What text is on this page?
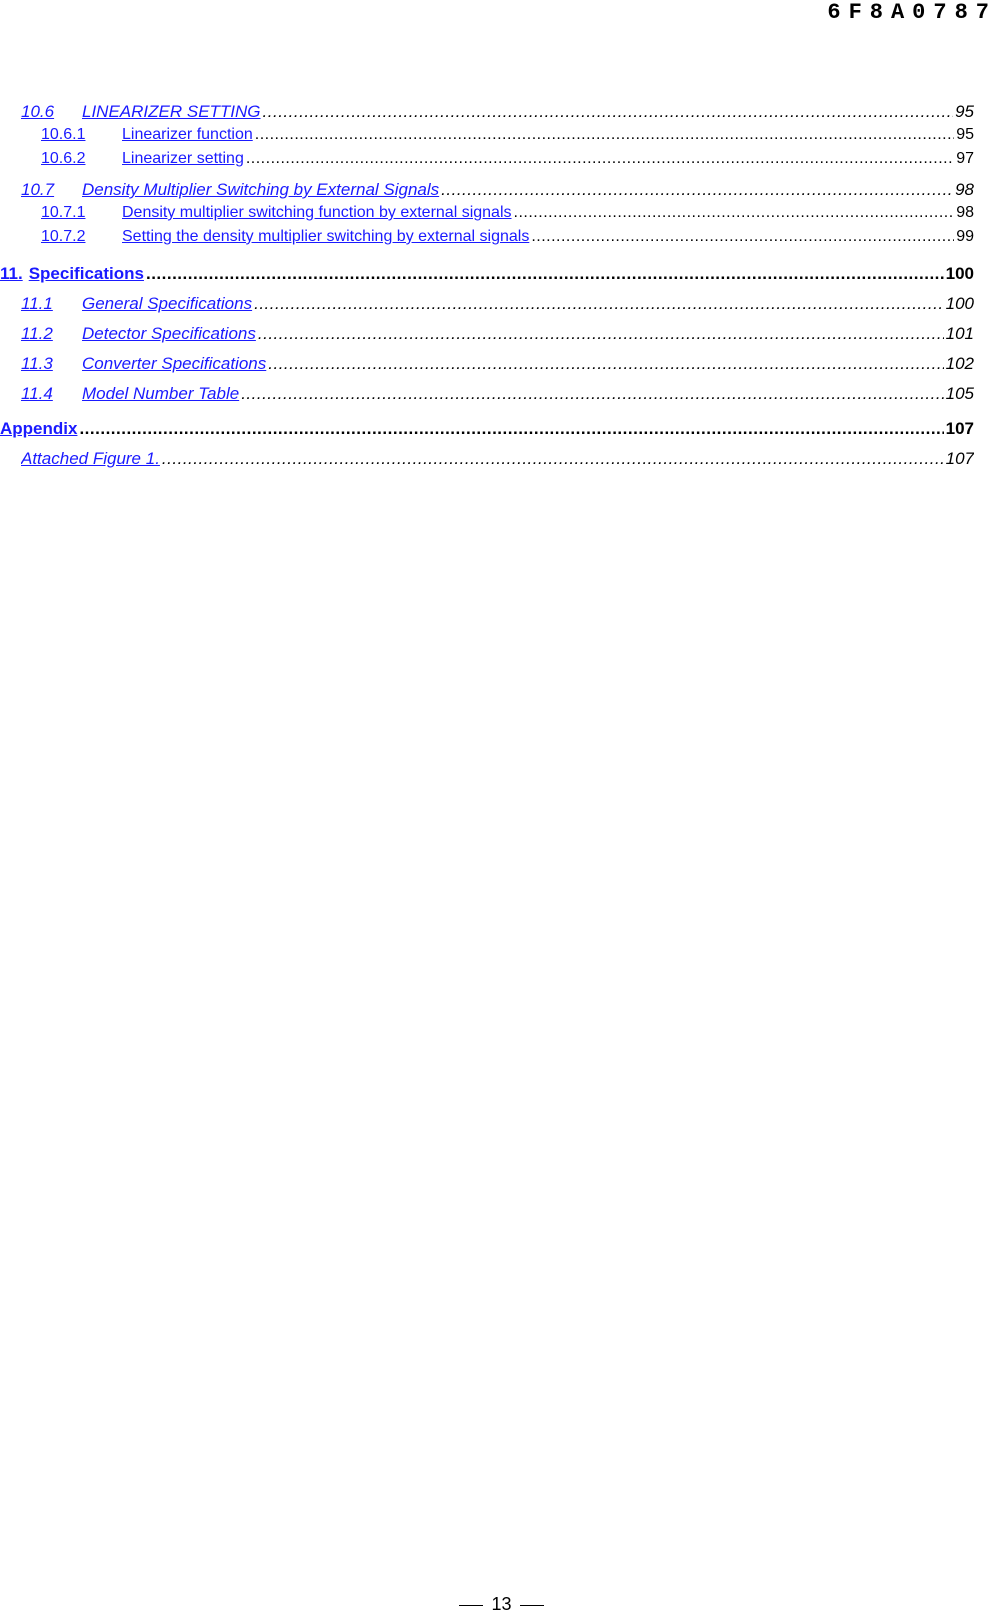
6F8A0787
10.6	LINEARIZER SETTING .....	95
10.6.1	Linearizer function .....	95
10.6.2	Linearizer setting .....	97
10.7	Density Multiplier Switching by External Signals .....	98
10.7.1	Density multiplier switching function by external signals .....	98
10.7.2	Setting the density multiplier switching by external signals .....	99
11. Specifications .....	100
11.1	General Specifications .....	100
11.2	Detector Specifications .....	101
11.3	Converter Specifications .....	102
11.4	Model Number Table .....	105
Appendix .....	107
Attached Figure 1. .....	107
13
